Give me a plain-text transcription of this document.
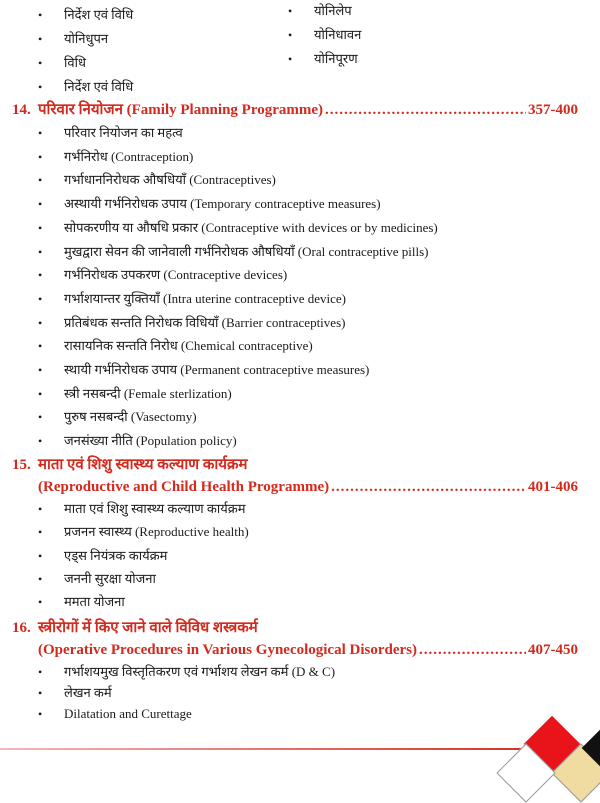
• निर्देश एवं विधि
• योनिधुपन
• विधि
• निर्देश एवं विधि
• योनिलेप
• योनिधावन
• योनिपूरण
14. परिवार नियोजन (Family Planning Programme) .....	357-400
• परिवार नियोजन का महत्व
• गर्भनिरोध (Contraception)
• गर्भाधाननिरोधक औषधियाँ (Contraceptives)
• अस्थायी गर्भनिरोधक उपाय (Temporary contraceptive measures)
• सोपकरणीय या औषधि प्रकार (Contraceptive with devices or by medicines)
• मुखद्वारा सेवन की जानेवाली गर्भनिरोधक औषधियाँ (Oral contraceptive pills)
• गर्भनिरोधक उपकरण (Contraceptive devices)
• गर्भाशयान्तर युक्तियाँ (Intra uterine contraceptive device)
• प्रतिबंधक सन्तति निरोधक विधियाँ (Barrier contraceptives)
• रासायनिक सन्तति निरोध (Chemical contraceptive)
• स्थायी गर्भनिरोधक उपाय (Permanent contraceptive measures)
• स्त्री नसबन्दी (Female sterlization)
• पुरुष नसबन्दी (Vasectomy)
• जनसंख्या नीति (Population policy)
15. माता एवं शिशु स्वास्थ्य कल्याण कार्यक्रम
(Reproductive and Child Health Programme) .....	401-406
• माता एवं शिशु स्वास्थ्य कल्याण कार्यक्रम
• प्रजनन स्वास्थ्य (Reproductive health)
• एड्स नियंत्रक कार्यक्रम
• जननी सुरक्षा योजना
• ममता योजना
16. स्त्रीरोगों में किए जाने वाले विविध शस्त्रकर्म
(Operative Procedures in Various Gynecological Disorders) .....	407-450
• गर्भाशयमुख विस्तृतिकरण एवं गर्भाशय लेखन कर्म (D & C)
• लेखन कर्म
• Dilatation and Curettage
